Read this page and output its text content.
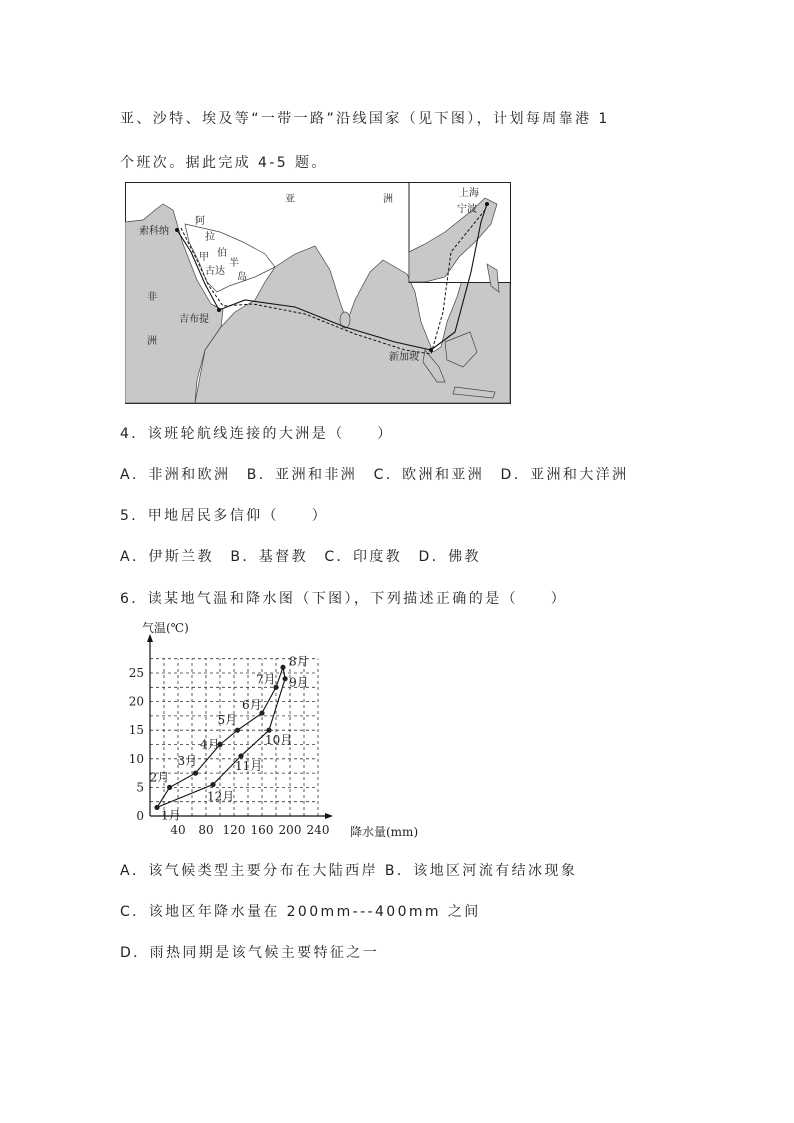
亚、沙特、埃及等“一带一路”沿线国家（见下图），计划每周靠港 1
个班次。据此完成 4-5 题。
亚	洲
非
洲
阿
拉
伯
半
岛
甲
索科纳
古达
吉布提
新加坡
上海
宁波
4．该班轮航线连接的大洲是（　　）
A．非洲和欧洲　B．亚洲和非洲　C．欧洲和亚洲　D．亚洲和大洋洲
5．甲地居民多信仰（　　）
A．伊斯兰教　B．基督教　C．印度教　D．佛教
6．读某地气温和降水图（下图），下列描述正确的是（　　）
0
5
10
15
20
25
40 80 120 160 200 240
1月
2月
3月
4月
5月
6月
7月
8月
9月
10月
11月
12月
气温(℃)
降水量(mm)
A．该气候类型主要分布在大陆西岸 B．该地区河流有结冰现象
C．该地区年降水量在 200mm---400mm 之间
D．雨热同期是该气候主要特征之一
